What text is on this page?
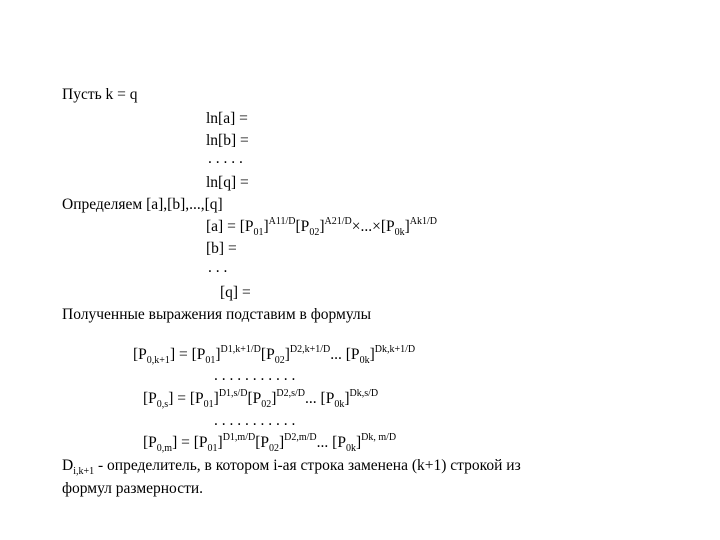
Пусть k = q
ln[a] =
ln[b] =
. . . . .
ln[q] =
Определяем [a],[b],...,[q]
$[a] = [P_{01}]^{A11/D}[P_{02}]^{A21/D}\times...\times[P_{0k}]^{Ak1/D}$
[b] =
. . .
[q] =
Полученные выражения подставим в формулы
$[P_{0,k+1}] = [P_{01}]^{D1,k+1/D}[P_{02}]^{D2,k+1/D}$... $[P_{0k}]^{Dk,k+1/D}$
. . . . . . . . . . .
$[P_{0,s}] = [P_{01}]^{D1,s/D}[P_{02}]^{D2,s/D}$... $[P_{0k}]^{Dk,s/D}$
. . . . . . . . . . .
$[P_{0,m}] = [P_{01}]^{D1,m/D}[P_{02}]^{D2,m/D}$... $[P_{0k}]^{Dk, m/D}$
$D_{i,k+1}$ - определитель, в котором i-ая строка заменена (k+1) строкой из
формул размерности.
